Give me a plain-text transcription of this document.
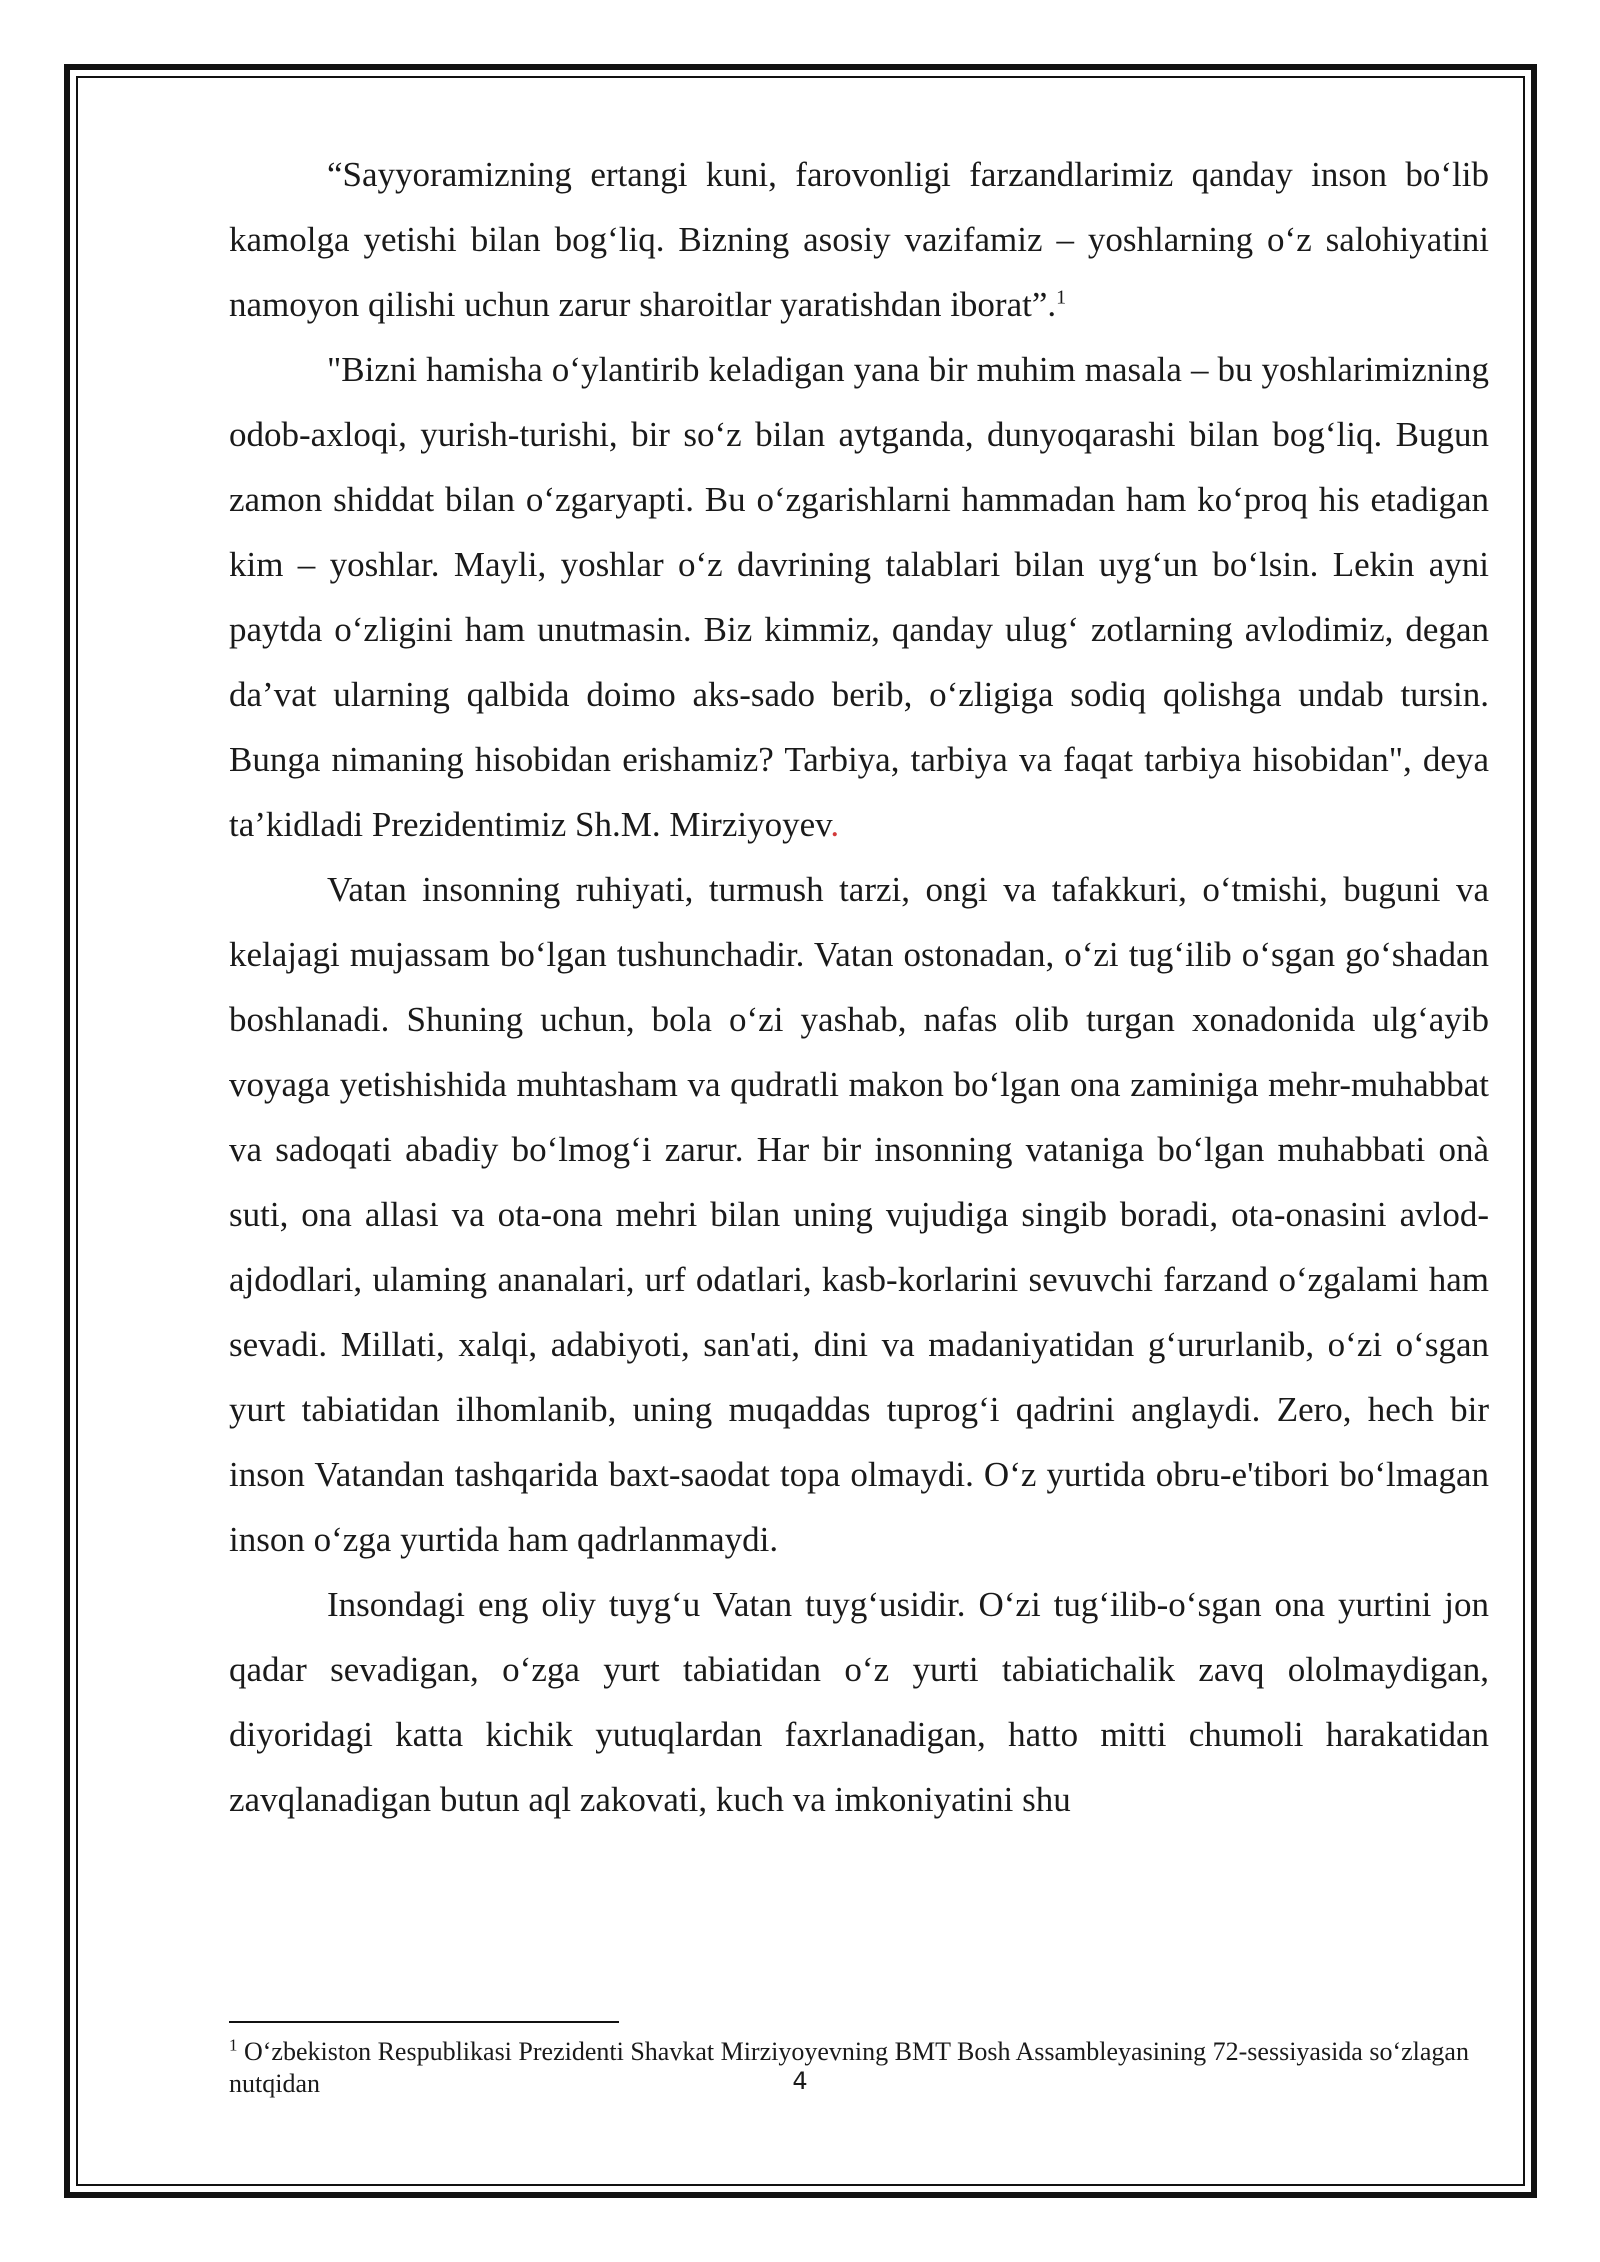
“Sayyoramizning ertangi kuni, farovonligi farzandlarimiz qanday inson bo‘lib kamolga yetishi bilan bog‘liq. Bizning asosiy vazifamiz – yoshlarning o‘z salohiyatini namoyon qilishi uchun zarur sharoitlar yaratishdan iborat”.$^1$

"Bizni hamisha o‘ylantirib keladigan yana bir muhim masala – bu yoshlarimizning odob-axloqi, yurish-turishi, bir so‘z bilan aytganda, dunyoqarashi bilan bog‘liq. Bugun zamon shiddat bilan o‘zgaryapti. Bu o‘zgarishlarni hammadan ham ko‘proq his etadigan kim – yoshlar. Mayli, yoshlar o‘z davrining talablari bilan uyg‘un bo‘lsin. Lekin ayni paytda o‘zligini ham unutmasin. Biz kimmiz, qanday ulug‘ zotlarning avlodimiz, degan da’vat ularning qalbida doimo aks-sado berib, o‘zligiga sodiq qolishga undab tursin. Bunga nimaning hisobidan erishamiz? Tarbiya, tarbiya va faqat tarbiya hisobidan", deya ta’kidladi Prezidentimiz Sh.M. Mirziyoyev.

Vatan insonning ruhiyati, turmush tarzi, ongi va tafakkuri, o‘tmishi, buguni va kelajagi mujassam bo‘lgan tushunchadir. Vatan ostonadan, o‘zi tug‘ilib o‘sgan go‘shadan boshlanadi. Shuning uchun, bola o‘zi yashab, nafas olib turgan xonadonida ulg‘ayib voyaga yetishishida muhtasham va qudratli makon bo‘lgan ona zaminiga mehr-muhabbat va sadoqati abadiy bo‘lmog‘i zarur. Har bir insonning vataniga bo‘lgan muhabbati onà suti, ona allasi va ota-ona mehri bilan uning vujudiga singib boradi, ota-onasini avlod-ajdodlari, ulaming ananalari, urf odatlari, kasb-korlarini sevuvchi farzand o‘zgalami ham sevadi. Millati, xalqi, adabiyoti, san'ati, dini va madaniyatidan g‘ururlanib, o‘zi o‘sgan yurt tabiatidan ilhomlanib, uning muqaddas tuprog‘i qadrini anglaydi. Zero, hech bir inson Vatandan tashqarida baxt-saodat topa olmaydi. O‘z yurtida obru-e'tibori bo‘lmagan inson o‘zga yurtida ham qadrlanmaydi.

Insondagi eng oliy tuyg‘u Vatan tuyg‘usidir. O‘zi tug‘ilib-o‘sgan ona yurtini jon qadar sevadigan, o‘zga yurt tabiatidan o‘z yurti tabiatichalik zavq ololmaydigan, diyoridagi katta kichik yutuqlardan faxrlanadigan, hatto mitti chumoli harakatidan zavqlanadigan butun aql zakovati, kuch va imkoniyatini shu

$^1$ O‘zbekiston Respublikasi Prezidenti Shavkat Mirziyoyevning BMT Bosh Assambleyasining 72-sessiyasida so‘zlagan nutqidan	4
